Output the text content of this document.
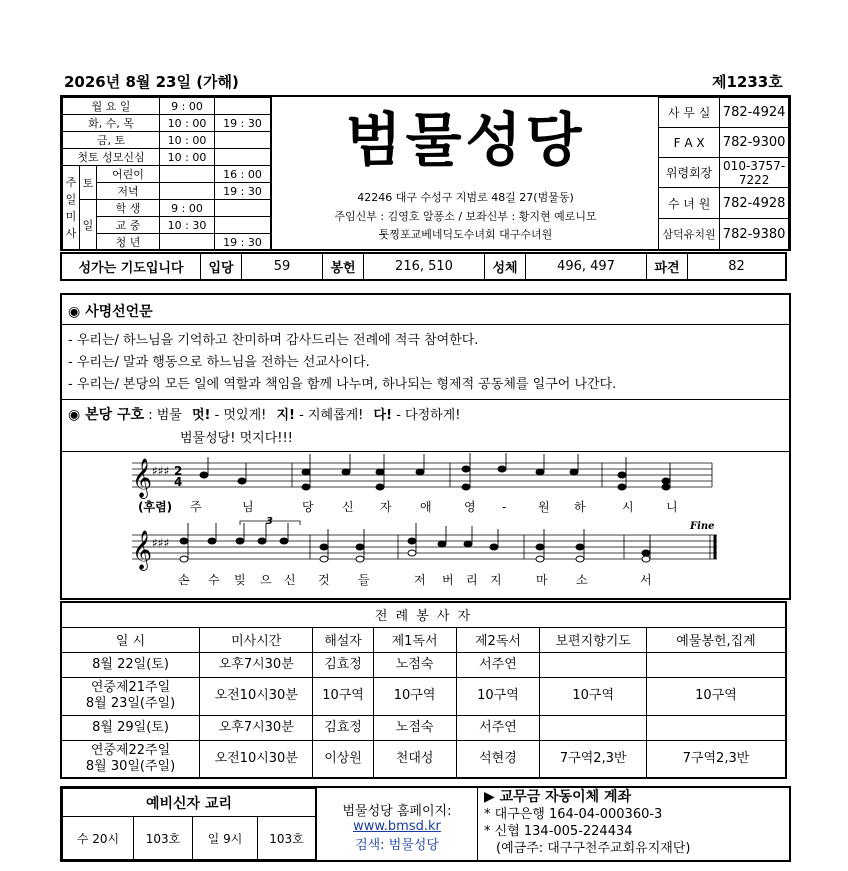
2026년 8월 23일 (가해)	제1233호
월 요 일			9 : 00	
화, 수, 목			10 : 00	19 : 30
금, 토			10 : 00	
첫토 성모신심			10 : 00	
주
일
미
사	토	어린이		16 : 00
		저녁		19 : 30
	일	학 생	9 : 00	
		교 중	10 : 30	
		청 년		19 : 30
범물성당
42246 대구 수성구 지범로 48길 27(범물동)
주임신부 : 김영호 알퐁소 / 보좌신부 : 황지현 예로니모
툿찡포교베네딕도수녀회 대구수녀원
사 무 실	782-4924
F A X	782-9300
위령회장	010-3757-7222
수 녀 원	782-4928
삼덕유치원	782-9380
성가는 기도입니다	입당	59	봉헌	216, 510	성체	496, 497	파견	82
◉ 사명선언문
- 우리는/ 하느님을 기억하고 찬미하며 감사드리는 전례에 적극 참여한다.
- 우리는/ 말과 행동으로 하느님을 전하는 선교사이다.
- 우리는/ 본당의 모든 일에 역할과 책임을 함께 나누며, 하나되는 형제적 공동체를 일구어 나간다.
◉ 본당 구호 : 범물 멋! - 멋있게! 지! - 지혜롭게! 다! - 다정하게!
범물성당! 멋지다!!!
𝄞
𝄞
♯♯♯
♯♯♯
2
4
3	Fine
(후렴) 주	님	당 신 자 애	영 -	원 하	시	니
손 수 빚 으 신 것 들	저 버 리 지	마 소	서
전 례 봉 사 자						
일 시	미사시간	해설자	제1독서	제2독서	보편지향기도	예물봉헌,집계
8월 22일(토)	오후7시30분	김효정	노점숙	서주연		
연중제21주일
8월 23일(주일)	오전10시30분	10구역	10구역	10구역	10구역	10구역
8월 29일(토)	오후7시30분	김효정	노점숙	서주연		
연중제22주일
8월 30일(주일)	오전10시30분	이상원	천대성	석현경	7구역2,3반	7구역2,3반
예비신자 교리
수 20시	103호	일 9시	103호
범물성당 홈페이지:
www.bmsd.kr
검색: 범물성당
▶ 교무금 자동이체 계좌
* 대구은행 164-04-000360-3
* 신협 134-005-224434
(예금주: 대구구천주교회유지재단)
